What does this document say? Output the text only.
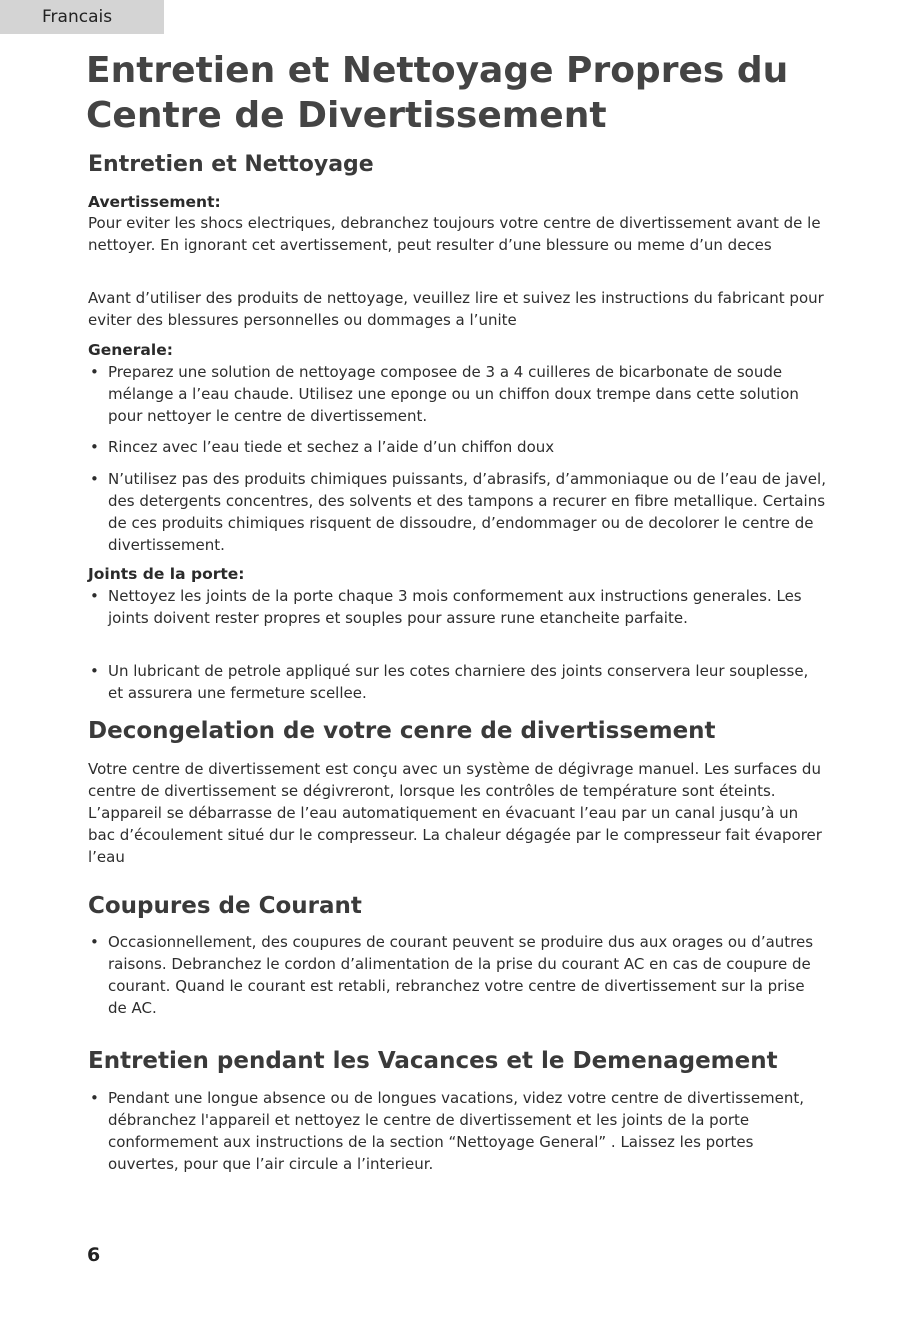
Francais
Entretien et Nettoyage Propres du Centre de Divertissement
Entretien et Nettoyage
Avertissement:

Pour eviter les shocs electriques, debranchez toujours votre centre de divertissement avant de le nettoyer. En ignorant cet avertissement, peut resulter d’une blessure ou meme d’un deces

Avant d’utiliser des produits de nettoyage, veuillez lire et suivez les instructions du fabricant pour eviter des blessures personnelles ou dommages a l’unite

Generale:
• Preparez une solution de nettoyage composee de 3 a 4 cuilleres de bicarbonate de soude mélange a l’eau chaude. Utilisez une eponge ou un chiffon doux trempe dans cette solution pour nettoyer le centre de divertissement.
• Rincez avec l’eau tiede et sechez a l’aide d’un chiffon doux
• N’utilisez pas des produits chimiques puissants, d’abrasifs, d’ammoniaque ou de l’eau de javel, des detergents concentres, des solvents et des tampons a recurer en fibre metallique. Certains de ces produits chimiques risquent de dissoudre, d’endommager ou de decolorer le centre de divertissement.
Joints de la porte:
• Nettoyez les joints de la porte chaque 3 mois conformement aux instructions generales. Les joints doivent rester propres et souples pour assure rune etancheite parfaite.
• Un lubricant de petrole appliqué sur les cotes charniere des joints conservera leur souplesse, et assurera une fermeture scellee.
Decongelation de votre cenre de divertissement

Votre centre de divertissement est conçu avec un système de dégivrage manuel. Les surfaces du centre de divertissement se dégivreront, lorsque les contrôles de température sont éteints. L’appareil se débarrasse de l’eau automatiquement en évacuant l’eau par un canal jusqu’à un bac d’écoulement situé dur le compresseur. La chaleur dégagée par le compresseur fait évaporer l’eau

Coupures de Courant
• Occasionnellement, des coupures de courant peuvent se produire dus aux orages ou d’autres raisons. Debranchez le cordon d’alimentation de la prise du courant AC en cas de coupure de courant. Quand le courant est retabli, rebranchez votre centre de divertissement sur la prise de AC.
Entretien pendant les Vacances et le Demenagement
• Pendant une longue absence ou de longues vacations, videz votre centre de divertissement, débranchez l'appareil et nettoyez le centre de divertissement et les joints de la porte conformement aux instructions de la section “Nettoyage General” . Laissez les portes ouvertes, pour que l’air circule a l’interieur.

6
